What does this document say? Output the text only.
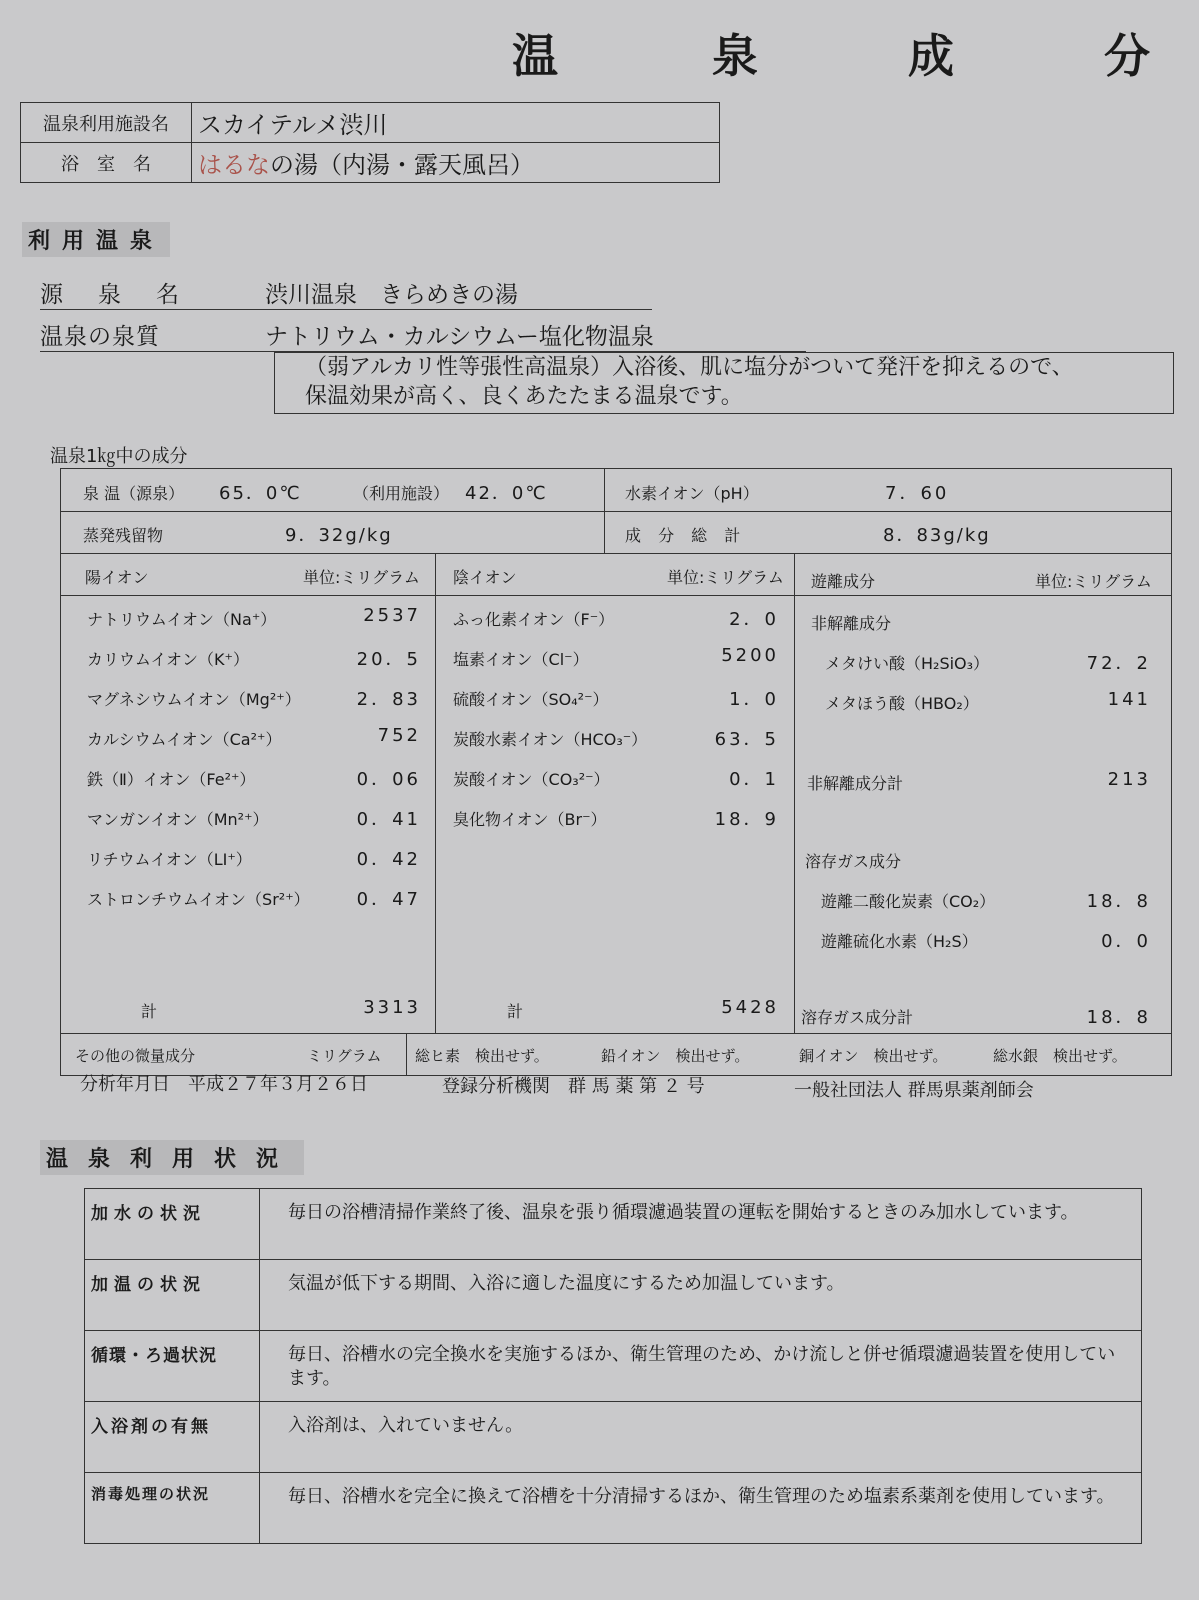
温	泉	成	分
温泉利用施設名	スカイテルメ渋川
浴　室　名	はるなの湯（内湯・露天風呂）
利用温泉
源　泉　名	渋川温泉　きらめきの湯
温泉の泉質	ナトリウム・カルシウムー塩化物温泉
（弱アルカリ性等張性高温泉）入浴後、肌に塩分がついて発汗を抑えるので、
保温効果が高く、良くあたたまる温泉です。
温泉1㎏中の成分
泉 温（源泉） 65．0℃	（利用施設） 42．0℃	水素イオン（pH）	7．60
蒸発残留物	9．32g/kg	成 分 総 計	8．83g/kg
陽イオン	単位:ミリグラム
ナトリウムイオン（Na⁺）	2537
カリウムイオン（K⁺）	20．5
マグネシウムイオン（Mg²⁺）	2．83
カルシウムイオン（Ca²⁺）	752
鉄（Ⅱ）イオン（Fe²⁺）	0．06
マンガンイオン（Mn²⁺）	0．41
リチウムイオン（LI⁺）	0．42
ストロンチウムイオン（Sr²⁺）	0．47
計	3313
陰イオン	単位:ミリグラム
ふっ化素イオン（F⁻）	2．0
塩素イオン（Cl⁻）	5200
硫酸イオン（SO₄²⁻）	1．0
炭酸水素イオン（HCO₃⁻）	63．5
炭酸イオン（CO₃²⁻）	0．1
臭化物イオン（Br⁻）	18．9
計	5428
遊離成分	単位:ミリグラム
非解離成分
メタけい酸（H₂SiO₃）	72．2
メタほう酸（HBO₂）	141
非解離成分計	213
溶存ガス成分
遊離二酸化炭素（CO₂）	18．8
遊離硫化水素（H₂S）	0．0
溶存ガス成分計	18．8
その他の微量成分	ミリグラム 総ヒ素　検出せず。	鉛イオン　検出せず。	銅イオン　検出せず。	総水銀　検出せず。
分析年月日　平成２７年３月２６日	登録分析機関　群 馬 薬 第 ２ 号	一般社団法人 群馬県薬剤師会
温泉利用状況
加水の状況	毎日の浴槽清掃作業終了後、温泉を張り循環濾過装置の運転を開始するときのみ加水しています。
加温の状況	気温が低下する期間、入浴に適した温度にするため加温しています。
循環・ろ過状況	毎日、浴槽水の完全換水を実施するほか、衛生管理のため、かけ流しと併せ循環濾過装置を使用しています。
入浴剤の有無	入浴剤は、入れていません。
消毒処理の状況	毎日、浴槽水を完全に換えて浴槽を十分清掃するほか、衛生管理のため塩素系薬剤を使用しています。
